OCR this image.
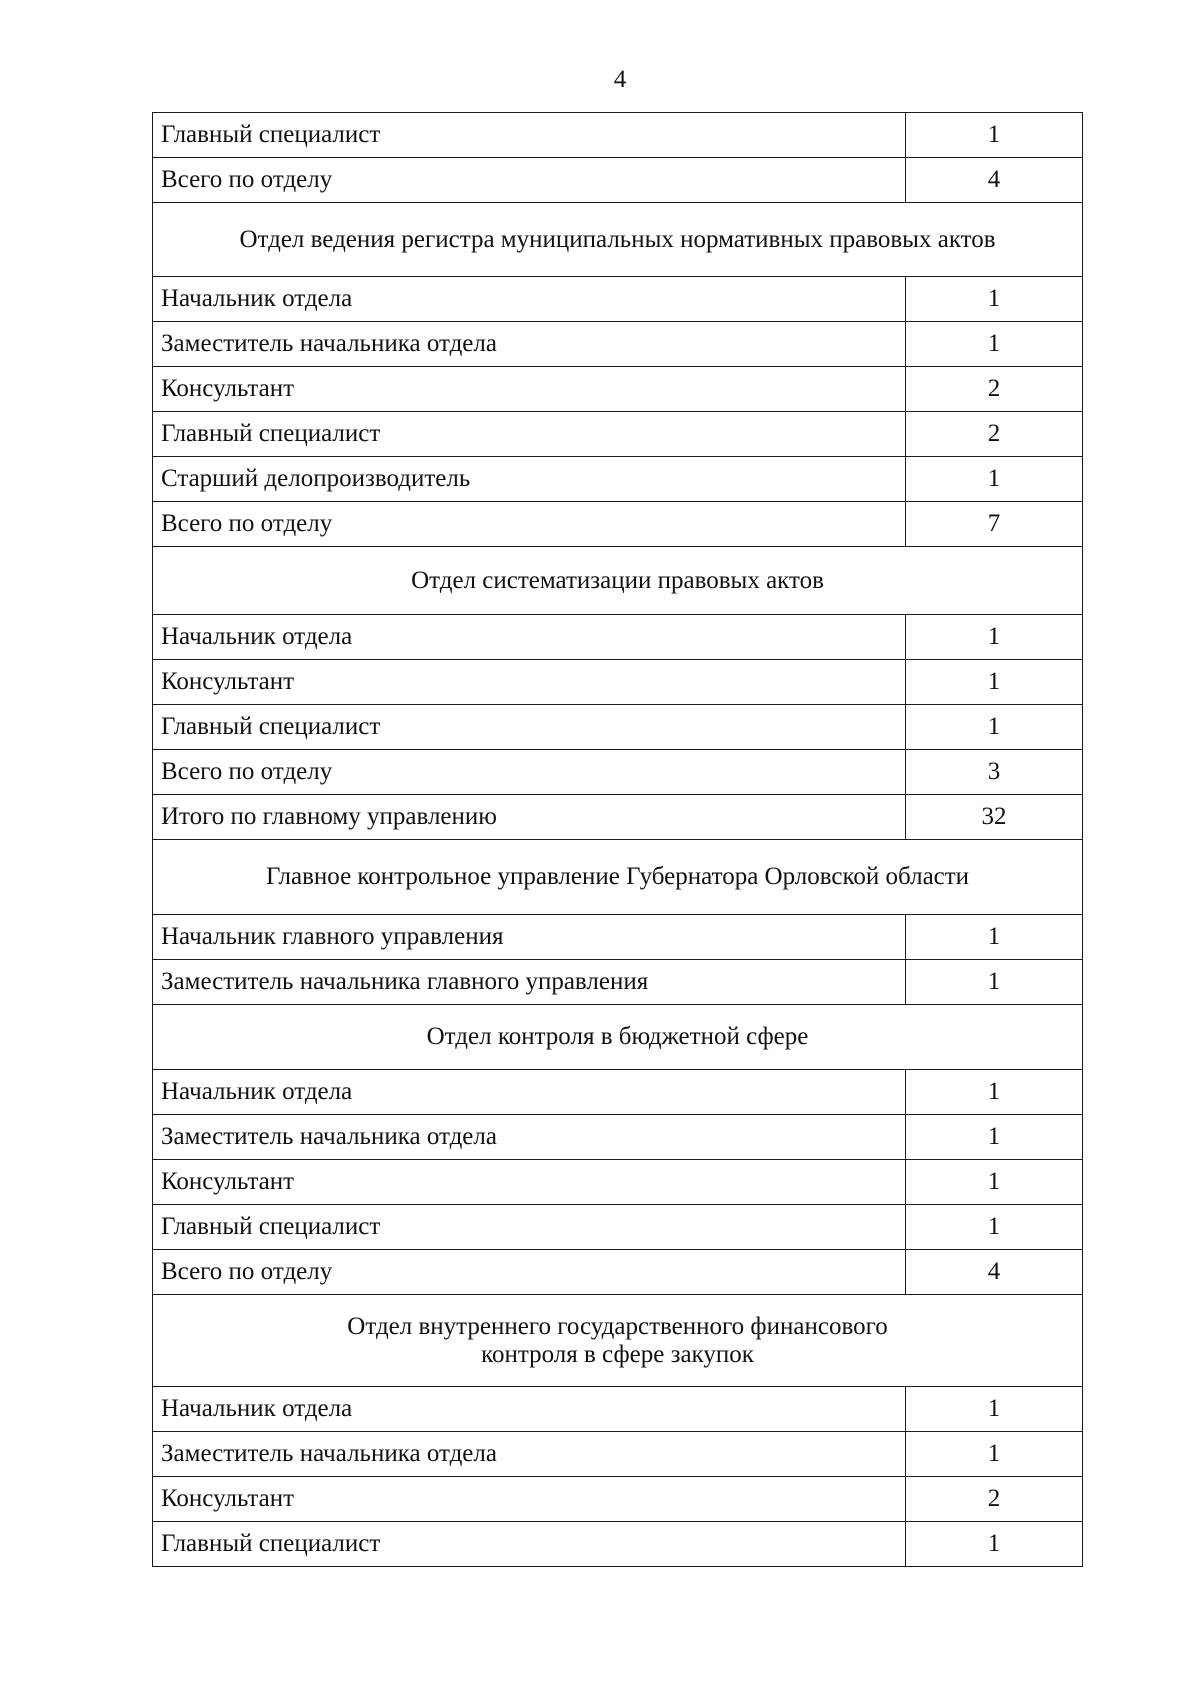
4
Главный специалист	1
Всего по отделу	4

Отдел ведения регистра муниципальных нормативных правовых актов	

Начальник отдела	1
Заместитель начальника отдела	1
Консультант	2
Главный специалист	2
Старший делопроизводитель	1
Всего по отделу	7

Отдел систематизации правовых актов	

Начальник отдела	1
Консультант	1
Главный специалист	1
Всего по отделу	3
Итого по главному управлению	32

Главное контрольное управление Губернатора Орловской области	

Начальник главного управления	1
Заместитель начальника главного управления	1

Отдел контроля в бюджетной сфере	

Начальник отдела	1
Заместитель начальника отдела	1
Консультант	1
Главный специалист	1
Всего по отделу	4

Отдел внутреннего государственного финансового
контроля в сфере закупок	

Начальник отдела	1
Заместитель начальника отдела	1
Консультант	2
Главный специалист	1
